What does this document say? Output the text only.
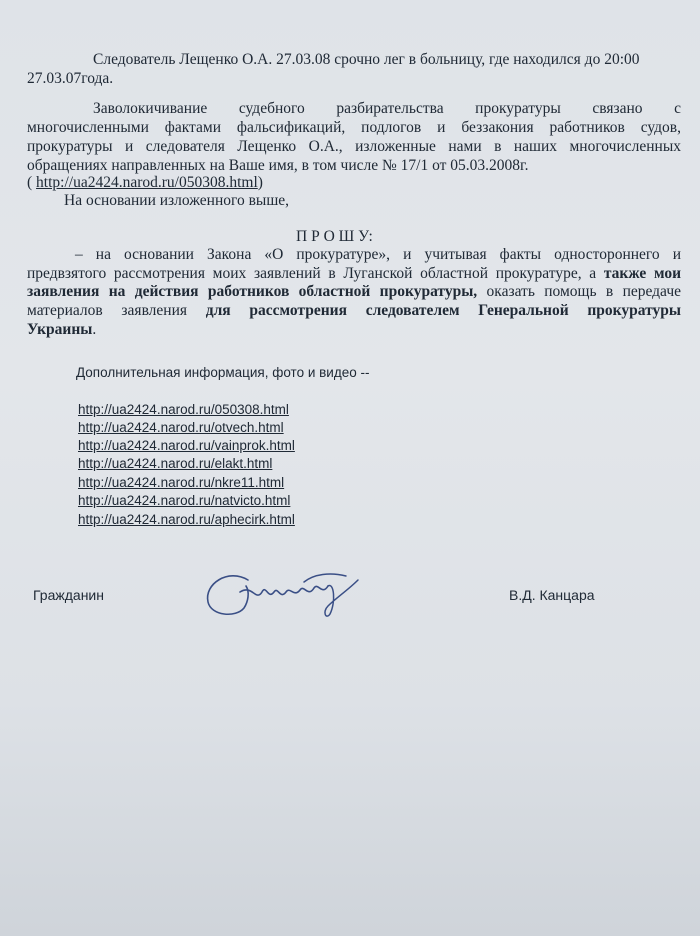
Следователь Лещенко О.А. 27.03.08 срочно лег в больницу, где находился до 20:00
27.03.07года.
Заволокичивание судебного разбирательства прокуратуры связано с
многочисленными фактами фальсификаций, подлогов и беззакония работников судов,
прокуратуры и следователя Лещенко О.А., изложенные нами в наших многочисленных
обращениях направленных на Ваше имя, в том числе № 17/1 от 05.03.2008г.
( http://ua2424.narod.ru/050308.html)
На основании изложенного выше,
П Р О Ш У:
– на основании Закона «О прокуратуре», и учитывая факты одностороннего и
предвзятого рассмотрения моих заявлений в Луганской областной прокуратуре, а также мои
заявления на действия работников областной прокуратуры, оказать помощь в передаче
материалов заявления для рассмотрения следователем Генеральной прокуратуры
Украины.
Дополнительная информация, фото и видео --
http://ua2424.narod.ru/050308.html
http://ua2424.narod.ru/otvech.html
http://ua2424.narod.ru/vainprok.html
http://ua2424.narod.ru/elakt.html
http://ua2424.narod.ru/nkre11.html
http://ua2424.narod.ru/natvicto.html
http://ua2424.narod.ru/aphecirk.html
Гражданин	В.Д. Канцара
